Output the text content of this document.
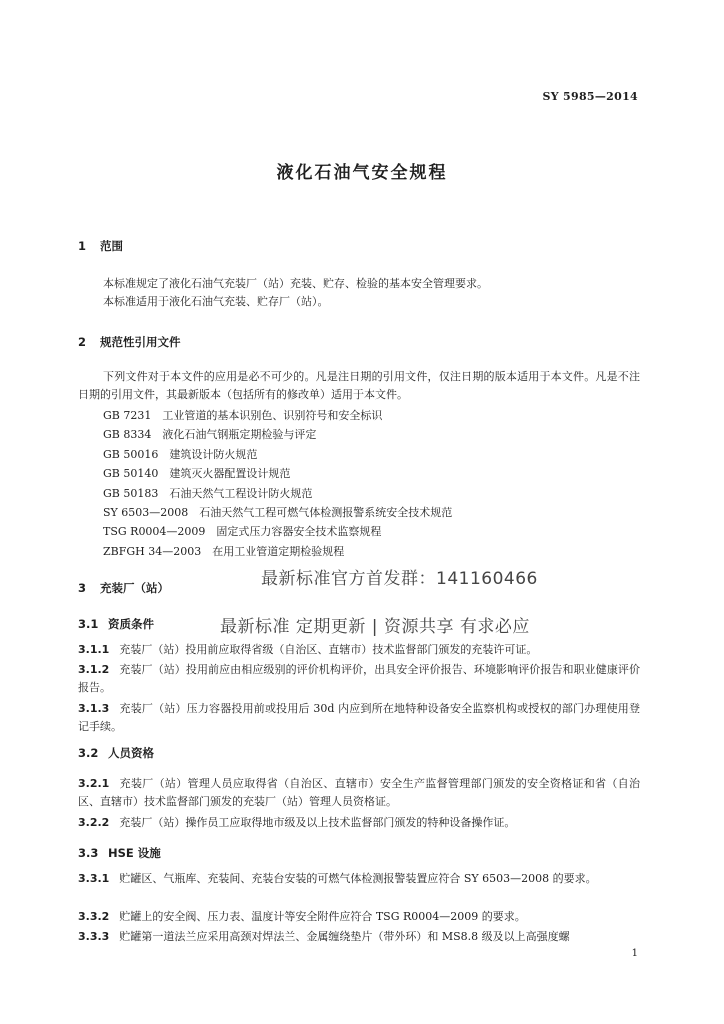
SY 5985—2014
液化石油气安全规程
1 范围
本标准规定了液化石油气充装厂（站）充装、贮存、检验的基本安全管理要求。
本标准适用于液化石油气充装、贮存厂（站）。
2 规范性引用文件
下列文件对于本文件的应用是必不可少的。凡是注日期的引用文件，仅注日期的版本适用于本文件。凡是不注日期的引用文件，其最新版本（包括所有的修改单）适用于本文件。
GB 7231　工业管道的基本识别色、识别符号和安全标识
GB 8334　液化石油气钢瓶定期检验与评定
GB 50016　建筑设计防火规范
GB 50140　建筑灭火器配置设计规范
GB 50183　石油天然气工程设计防火规范
SY 6503—2008　石油天然气工程可燃气体检测报警系统安全技术规范
TSG R0004—2009　固定式压力容器安全技术监察规程
ZBFGH 34—2003　在用工业管道定期检验规程
最新标准官方首发群：141160466
3 充装厂（站）
3.1 资质条件	最新标准 定期更新 | 资源共享 有求必应
3.1.1 充装厂（站）投用前应取得省级（自治区、直辖市）技术监督部门颁发的充装许可证。
3.1.2 充装厂（站）投用前应由相应级别的评价机构评价，出具安全评价报告、环境影响评价报告和职业健康评价报告。
3.1.3 充装厂（站）压力容器投用前或投用后 30d 内应到所在地特种设备安全监察机构或授权的部门办理使用登记手续。
3.2 人员资格
3.2.1 充装厂（站）管理人员应取得省（自治区、直辖市）安全生产监督管理部门颁发的安全资格证和省（自治区、直辖市）技术监督部门颁发的充装厂（站）管理人员资格证。
3.2.2 充装厂（站）操作员工应取得地市级及以上技术监督部门颁发的特种设备操作证。
3.3 HSE 设施
3.3.1 贮罐区、气瓶库、充装间、充装台安装的可燃气体检测报警装置应符合 SY 6503—2008 的要求。
3.3.2 贮罐上的安全阀、压力表、温度计等安全附件应符合 TSG R0004—2009 的要求。
3.3.3 贮罐第一道法兰应采用高颈对焊法兰、金属缠绕垫片（带外环）和 MS8.8 级及以上高强度螺
1
